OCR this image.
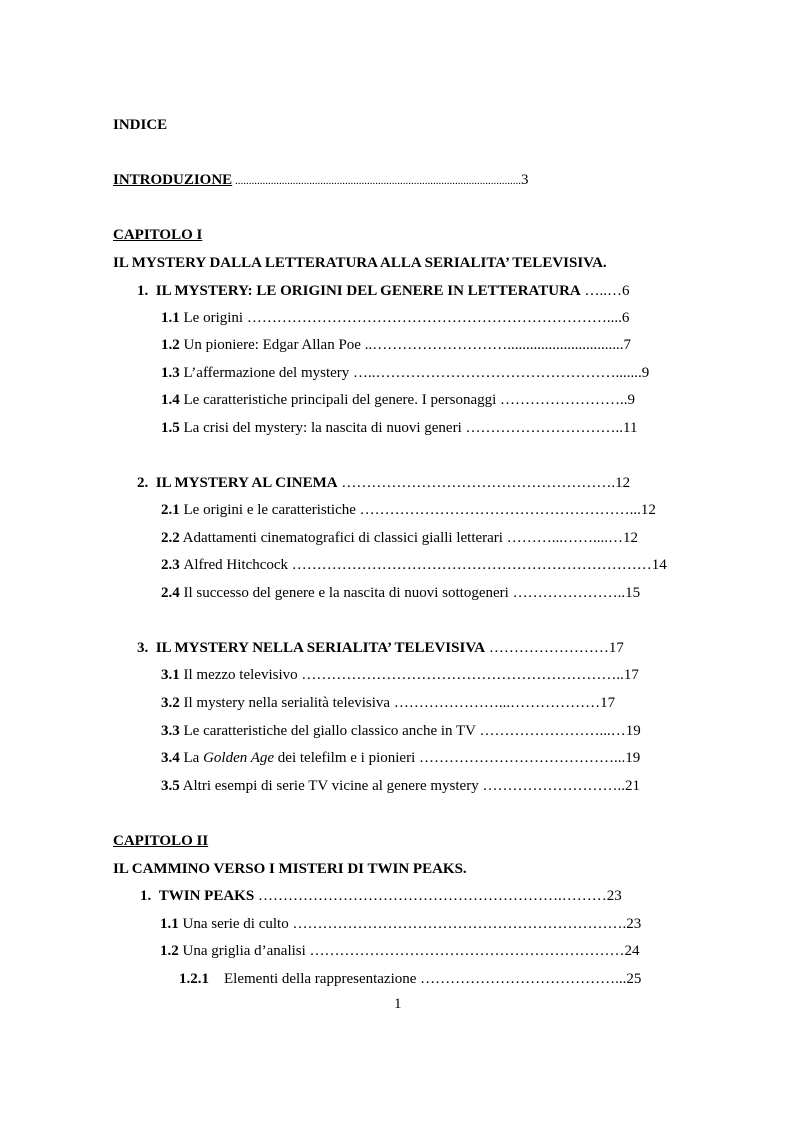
INDICE
INTRODUZIONE ........................................................................................................3
CAPITOLO I
IL MYSTERY DALLA LETTERATURA ALLA SERIALITA’ TELEVISIVA.
1. IL MYSTERY: LE ORIGINI DEL GENERE IN LETTERATURA …..…6
1.1 Le origini ………………………………………………………………....6
1.2 Un pioniere: Edgar Allan Poe ..………………………...............................7
1.3 L’affermazione del mystery …..………………………………………….......9
1.4 Le caratteristiche principali del genere. I personaggi ……………………..9
1.5 La crisi del mystery: la nascita di nuovi generi …………………………..11
2. IL MYSTERY AL CINEMA ……………………………………………….12
2.1 Le origini e le caratteristiche ………………………………………………...12
2.2 Adattamenti cinematografici di classici gialli letterari ………...……....…12
2.3 Alfred Hitchcock ………………………………………………………………14
2.4 Il successo del genere e la nascita di nuovi sottogeneri …………………..15
3. IL MYSTERY NELLA SERIALITA’ TELEVISIVA ……………………17
3.1 Il mezzo televisivo ………………………………………………………..17
3.2 Il mystery nella serialità televisiva …………………...………………17
3.3 Le caratteristiche del giallo classico anche in TV ……………………...…19
3.4 La Golden Age dei telefilm e i pionieri …………………………………...19
3.5 Altri esempi di serie TV vicine al genere mystery ………………………..21
CAPITOLO II
IL CAMMINO VERSO I MISTERI DI TWIN PEAKS.
1. TWIN PEAKS …………………………………………………….………23
1.1 Una serie di culto ………………………………………………………….23
1.2 Una griglia d’analisi ………………………………………………………24
1.2.1 Elementi della rappresentazione …………………………………...25
1
